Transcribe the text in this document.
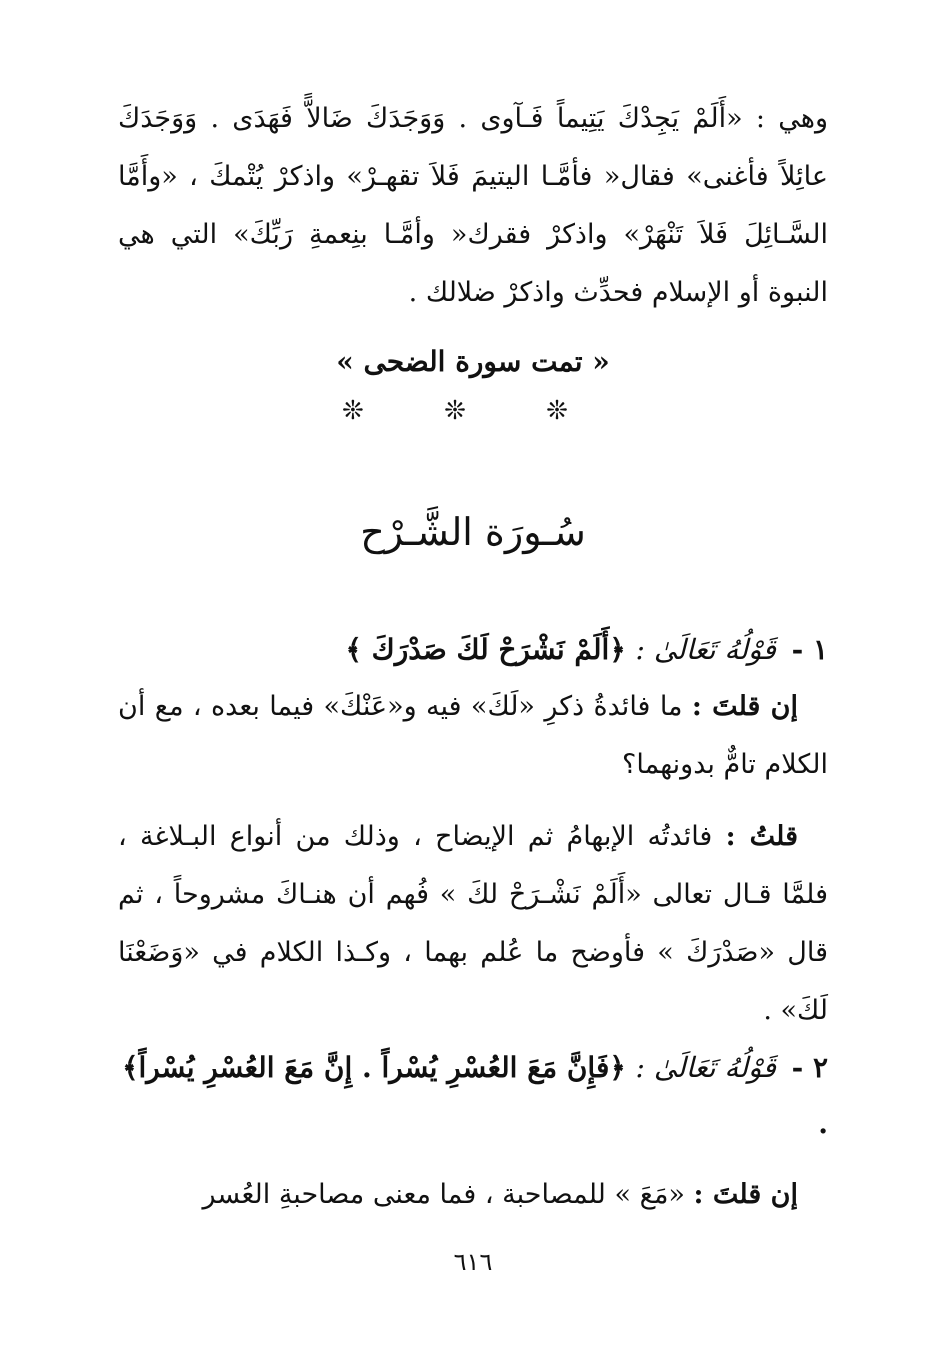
وهي : «أَلَمْ يَجِدْكَ يَتِيماً فَـآوى . وَوَجَدَكَ ضَالاًّ فَهَدَى . وَوَجَدَكَ عائِلاً فأغنى» فقال« فأمَّـا اليتيمَ فَلاَ تقهـرْ» واذكرْ يُتْمكَ ، «وأَمَّا السَّـائِلَ فَلاَ تَنْهَرْ» واذكرْ فقرك« وأمَّـا بنِعمةِ رَبِّكَ» التي هي النبوة أو الإسلام فحدِّث واذكرْ ضلالك .

« تمت سورة الضحى »
❊ ❊ ❊
سُـورَة الشَّـرْح

١ - قَوْلُهُ تَعَالَىٰ : ﴿أَلَمْ نَشْرَحْ لَكَ صَدْرَكَ ﴾

إن قلتَ : ما فائدةُ ذكرِ «لَكَ» فيه و«عَنْكَ» فيما بعده ، مع أن الكلام تامٌّ بدونهما؟

قلتُ : فائدتُه الإبهامُ ثم الإيضاح ، وذلك من أنواع البـلاغة ، فلمَّا قـال تعالى «أَلَمْ نَشْـرَحْ لكَ » فُهم أن هنـاكَ مشروحاً ، ثم قال «صَدْرَكَ » فأوضح ما عُلم بهما ، وكـذا الكلام في «وَضَعْنَا لَكَ» .

٢ - قَوْلُهُ تَعَالَىٰ : ﴿فَإِنَّ مَعَ العُسْرِ يُسْراً . إِنَّ مَعَ العُسْرِ يُسْراً﴾ .

إن قلتَ : «مَعَ » للمصاحبة ، فما معنى مصاحبةِ العُسر

٦١٦
